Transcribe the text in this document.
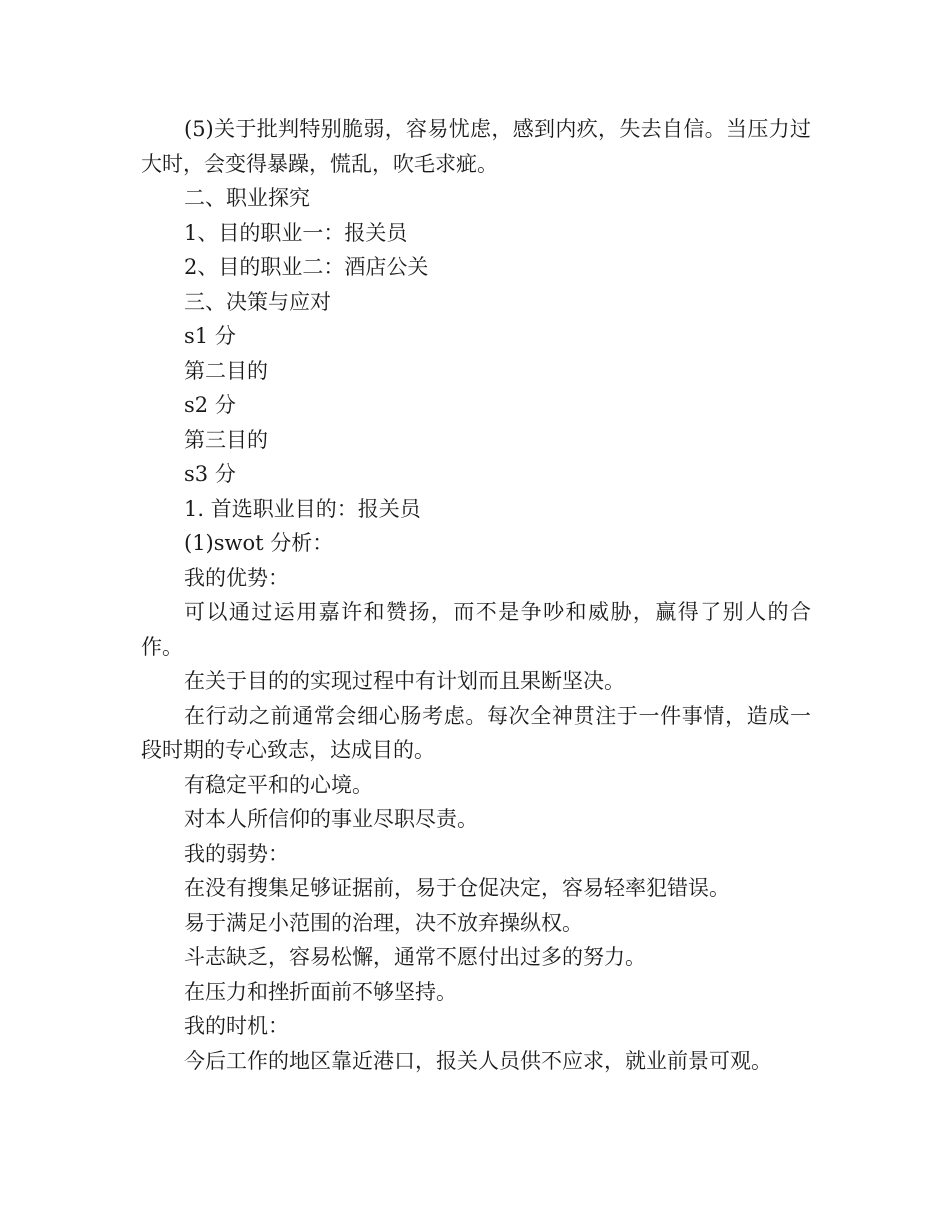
(5)关于批判特别脆弱，容易忧虑，感到内疚，失去自信。当压力过大时，会变得暴躁，慌乱，吹毛求疵。

二、职业探究

1、目的职业一：报关员

2、目的职业二：酒店公关

三、决策与应对

s1 分

第二目的

s2 分

第三目的

s3 分

1. 首选职业目的：报关员

(1)swot 分析：

我的优势：

可以通过运用嘉许和赞扬，而不是争吵和威胁，赢得了别人的合作。

在关于目的的实现过程中有计划而且果断坚决。

在行动之前通常会细心肠考虑。每次全神贯注于一件事情，造成一段时期的专心致志，达成目的。

有稳定平和的心境。

对本人所信仰的事业尽职尽责。

我的弱势：

在没有搜集足够证据前，易于仓促决定，容易轻率犯错误。

易于满足小范围的治理，决不放弃操纵权。

斗志缺乏，容易松懈，通常不愿付出过多的努力。

在压力和挫折面前不够坚持。

我的时机：

今后工作的地区靠近港口，报关人员供不应求，就业前景可观。
